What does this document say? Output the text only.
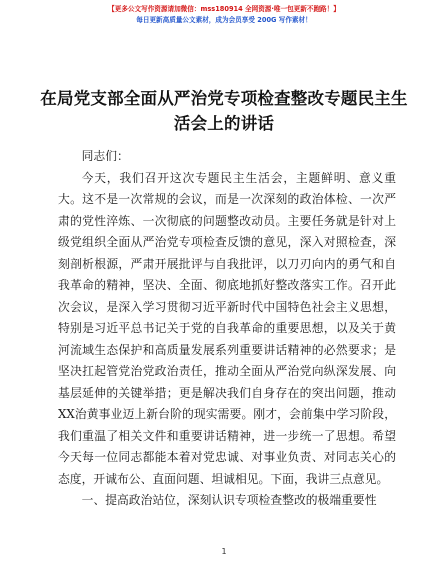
【更多公文写作资源请加微信：mss180914 全网资源·唯一包更新不跑路！】
每日更新高质量公文素材，成为会员享受 200G 写作素材！
在局党支部全面从严治党专项检查整改专题民主生活会上的讲话

同志们：

今天，我们召开这次专题民主生活会，主题鲜明、意义重大。这不是一次常规的会议，而是一次深刻的政治体检、一次严肃的党性淬炼、一次彻底的问题整改动员。主要任务就是针对上级党组织全面从严治党专项检查反馈的意见，深入对照检查，深刻剖析根源，严肃开展批评与自我批评，以刀刃向内的勇气和自我革命的精神，坚决、全面、彻底地抓好整改落实工作。召开此次会议，是深入学习贯彻习近平新时代中国特色社会主义思想，特别是习近平总书记关于党的自我革命的重要思想，以及关于黄河流域生态保护和高质量发展系列重要讲话精神的必然要求；是坚决扛起管党治党政治责任，推动全面从严治党向纵深发展、向基层延伸的关键举措；更是解决我们自身存在的突出问题，推动XX治黄事业迈上新台阶的现实需要。刚才，会前集中学习阶段，我们重温了相关文件和重要讲话精神，进一步统一了思想。希望今天每一位同志都能本着对党忠诚、对事业负责、对同志关心的态度，开诚布公、直面问题、坦诚相见。下面，我讲三点意见。

一、提高政治站位，深刻认识专项检查整改的极端重要性

1
